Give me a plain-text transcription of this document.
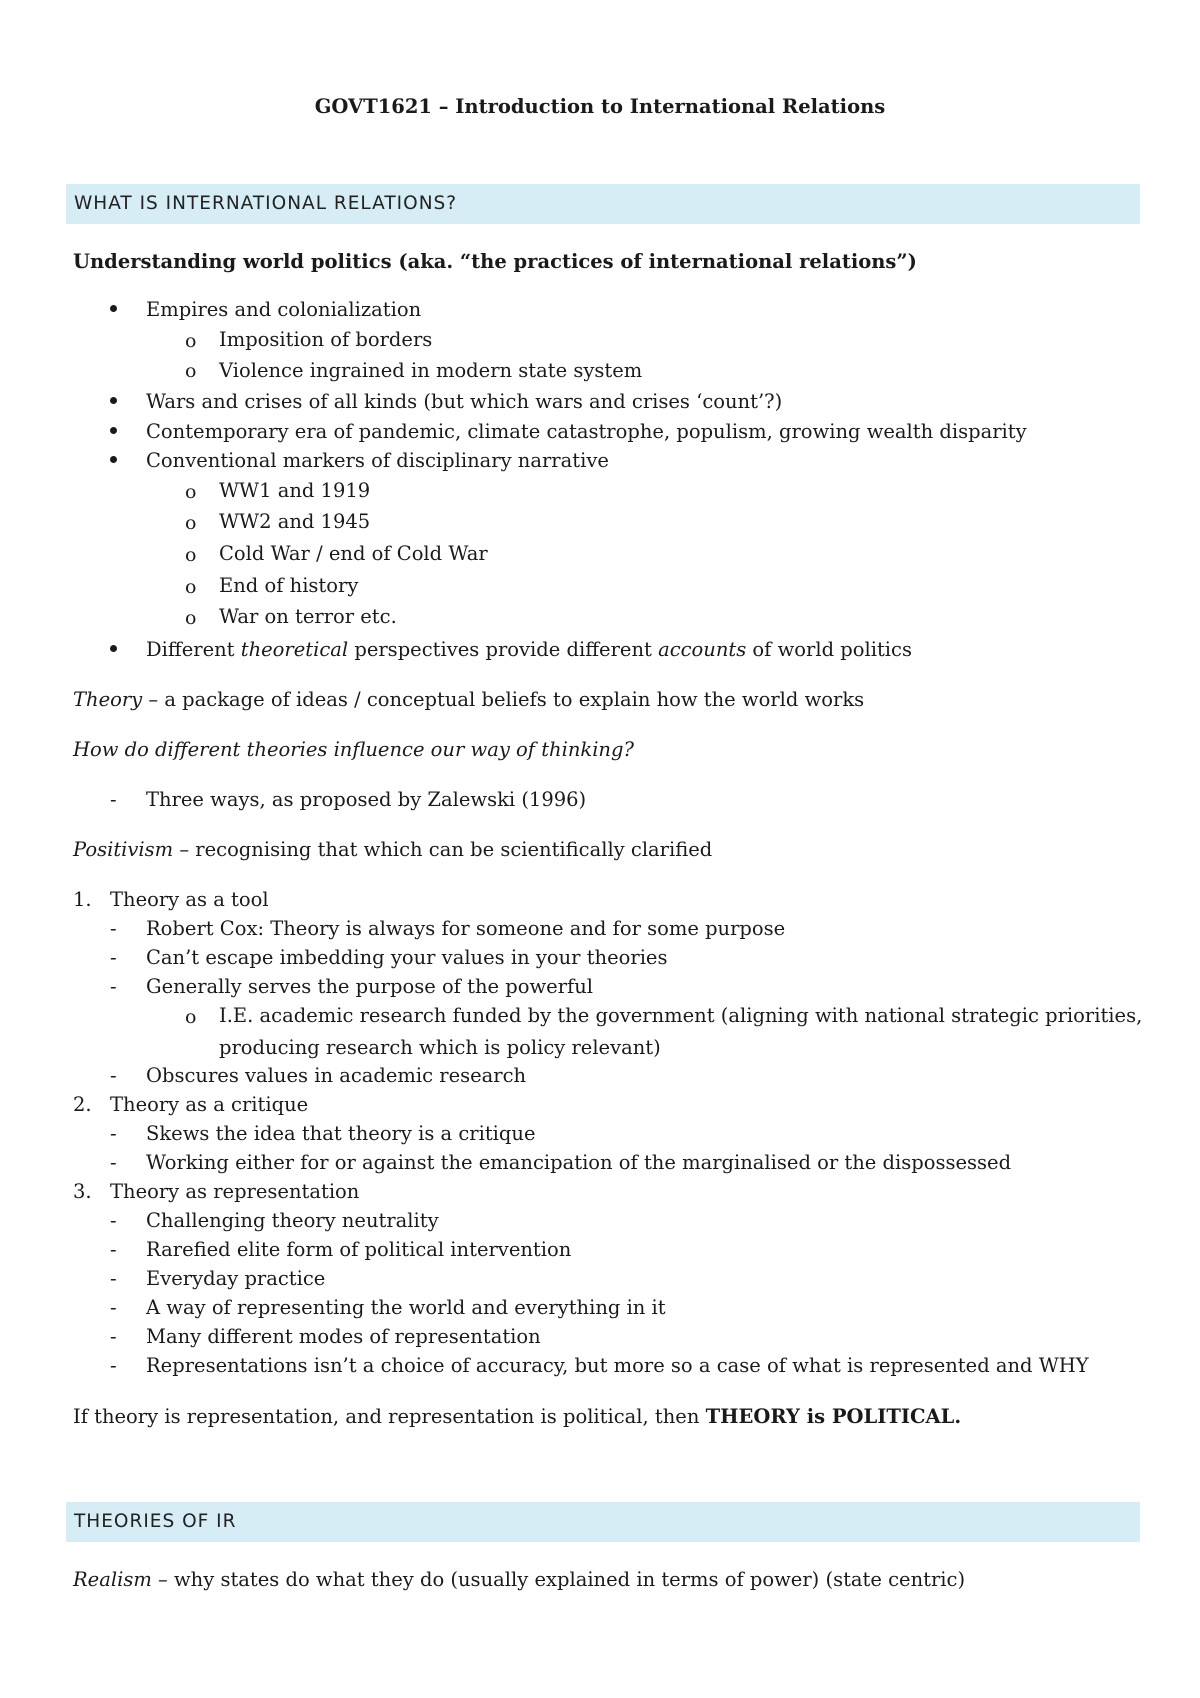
GOVT1621 – Introduction to International Relations
WHAT IS INTERNATIONAL RELATIONS?
Understanding world politics (aka. “the practices of international relations”)
Empires and colonialization
o Imposition of borders
o Violence ingrained in modern state system
Wars and crises of all kinds (but which wars and crises ‘count’?)
Contemporary era of pandemic, climate catastrophe, populism, growing wealth disparity
Conventional markers of disciplinary narrative
o WW1 and 1919
o WW2 and 1945
o Cold War / end of Cold War
o End of history
o War on terror etc.
Different theoretical perspectives provide different accounts of world politics
Theory – a package of ideas / conceptual beliefs to explain how the world works
How do different theories influence our way of thinking?
- Three ways, as proposed by Zalewski (1996)
Positivism – recognising that which can be scientifically clarified
1. Theory as a tool
- Robert Cox: Theory is always for someone and for some purpose
- Can’t escape imbedding your values in your theories
- Generally serves the purpose of the powerful
o I.E. academic research funded by the government (aligning with national strategic priorities,
producing research which is policy relevant)
- Obscures values in academic research
2. Theory as a critique
- Skews the idea that theory is a critique
- Working either for or against the emancipation of the marginalised or the dispossessed
3. Theory as representation
- Challenging theory neutrality
- Rarefied elite form of political intervention
- Everyday practice
- A way of representing the world and everything in it
- Many different modes of representation
- Representations isn’t a choice of accuracy, but more so a case of what is represented and WHY
If theory is representation, and representation is political, then THEORY is POLITICAL.
THEORIES OF IR
Realism – why states do what they do (usually explained in terms of power) (state centric)
